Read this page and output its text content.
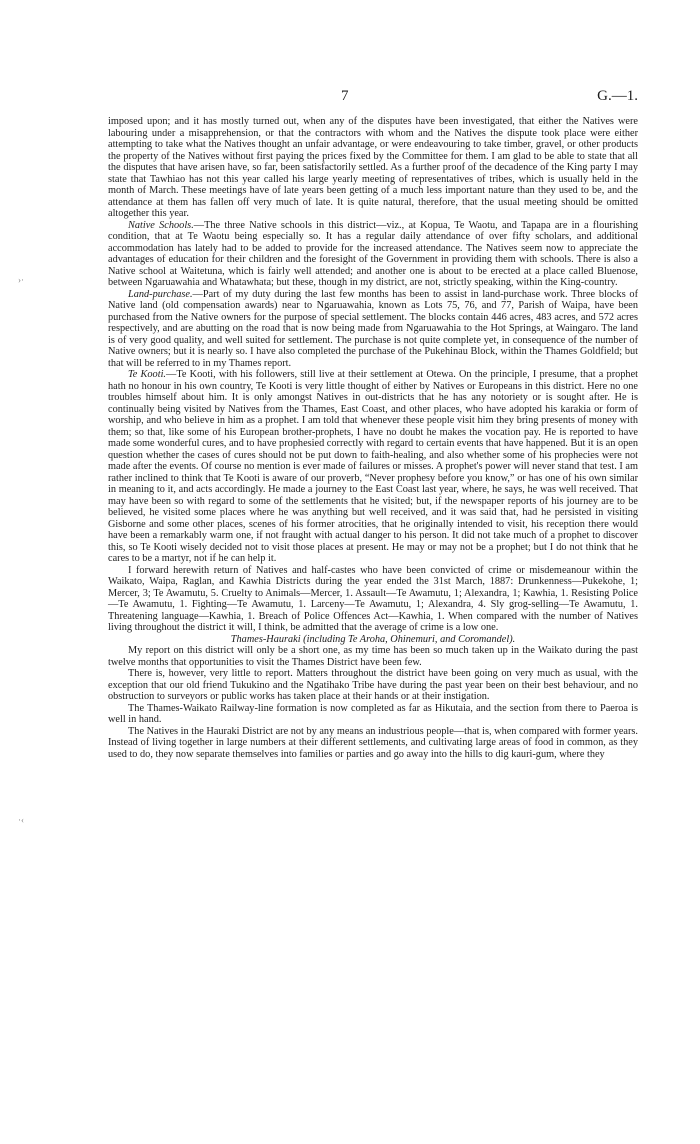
7	G.—1.
›·
·‹

imposed upon; and it has mostly turned out, when any of the disputes have been investigated, that either the Natives were labouring under a misapprehension, or that the contractors with whom and the Natives the dispute took place were either attempting to take what the Natives thought an unfair advantage, or were endeavouring to take timber, gravel, or other products the property of the Natives without first paying the prices fixed by the Committee for them. I am glad to be able to state that all the disputes that have arisen have, so far, been satisfactorily settled. As a further proof of the decadence of the King party I may state that Tawhiao has not this year called his large yearly meeting of representatives of tribes, which is usually held in the month of March. These meetings have of late years been getting of a much less important nature than they used to be, and the attendance at them has fallen off very much of late. It is quite natural, therefore, that the usual meeting should be omitted altogether this year.

Native Schools.—The three Native schools in this district—viz., at Kopua, Te Waotu, and Tapapa are in a flourishing condition, that at Te Waotu being especially so. It has a regular daily attendance of over fifty scholars, and additional accommodation has lately had to be added to provide for the increased attendance. The Natives seem now to appreciate the advantages of education for their children and the foresight of the Government in providing them with schools. There is also a Native school at Waitetuna, which is fairly well attended; and another one is about to be erected at a place called Bluenose, between Ngaruawahia and Whatawhata; but these, though in my district, are not, strictly speaking, within the King-country.

Land-purchase.—Part of my duty during the last few months has been to assist in land-purchase work. Three blocks of Native land (old compensation awards) near to Ngaruawahia, known as Lots 75, 76, and 77, Parish of Waipa, have been purchased from the Native owners for the purpose of special settlement. The blocks contain 446 acres, 483 acres, and 572 acres respectively, and are abutting on the road that is now being made from Ngaruawahia to the Hot Springs, at Waingaro. The land is of very good quality, and well suited for settlement. The purchase is not quite complete yet, in consequence of the number of Native owners; but it is nearly so. I have also completed the purchase of the Pukehinau Block, within the Thames Goldfield; but that will be referred to in my Thames report.

Te Kooti.—Te Kooti, with his followers, still live at their settlement at Otewa. On the principle, I presume, that a prophet hath no honour in his own country, Te Kooti is very little thought of either by Natives or Europeans in this district. Here no one troubles himself about him. It is only amongst Natives in out-districts that he has any notoriety or is sought after. He is continually being visited by Natives from the Thames, East Coast, and other places, who have adopted his karakia or form of worship, and who believe in him as a prophet. I am told that whenever these people visit him they bring presents of money with them; so that, like some of his European brother-prophets, I have no doubt he makes the vocation pay. He is reported to have made some wonderful cures, and to have prophesied correctly with regard to certain events that have happened. But it is an open question whether the cases of cures should not be put down to faith-healing, and also whether some of his prophecies were not made after the events. Of course no mention is ever made of failures or misses. A prophet's power will never stand that test. I am rather inclined to think that Te Kooti is aware of our proverb, “Never prophesy before you know,” or has one of his own similar in meaning to it, and acts accordingly. He made a journey to the East Coast last year, where, he says, he was well received. That may have been so with regard to some of the settlements that he visited; but, if the newspaper reports of his journey are to be believed, he visited some places where he was anything but well received, and it was said that, had he persisted in visiting Gisborne and some other places, scenes of his former atrocities, that he originally intended to visit, his reception there would have been a remarkably warm one, if not fraught with actual danger to his person. It did not take much of a prophet to discover this, so Te Kooti wisely decided not to visit those places at present. He may or may not be a prophet; but I do not think that he cares to be a martyr, not if he can help it.

I forward herewith return of Natives and half-castes who have been convicted of crime or misdemeanour within the Waikato, Waipa, Raglan, and Kawhia Districts during the year ended the 31st March, 1887: Drunkenness—Pukekohe, 1; Mercer, 3; Te Awamutu, 5. Cruelty to Animals—Mercer, 1. Assault—Te Awamutu, 1; Alexandra, 1; Kawhia, 1. Resisting Police—Te Awamutu, 1. Fighting—Te Awamutu, 1. Larceny—Te Awamutu, 1; Alexandra, 4. Sly grog-selling—Te Awamutu, 1. Threatening language—Kawhia, 1. Breach of Police Offences Act—Kawhia, 1. When compared with the number of Natives living throughout the district it will, I think, be admitted that the average of crime is a low one.

Thames-Hauraki (including Te Aroha, Ohinemuri, and Coromandel).

My report on this district will only be a short one, as my time has been so much taken up in the Waikato during the past twelve months that opportunities to visit the Thames District have been few.

There is, however, very little to report. Matters throughout the district have been going on very much as usual, with the exception that our old friend Tukukino and the Ngatihako Tribe have during the past year been on their best behaviour, and no obstruction to surveyors or public works has taken place at their hands or at their instigation.

The Thames-Waikato Railway-line formation is now completed as far as Hikutaia, and the section from there to Paeroa is well in hand.

The Natives in the Hauraki District are not by any means an industrious people—that is, when compared with former years. Instead of living together in large numbers at their different settlements, and cultivating large areas of food in common, as they used to do, they now separate themselves into families or parties and go away into the hills to dig kauri-gum, where they
